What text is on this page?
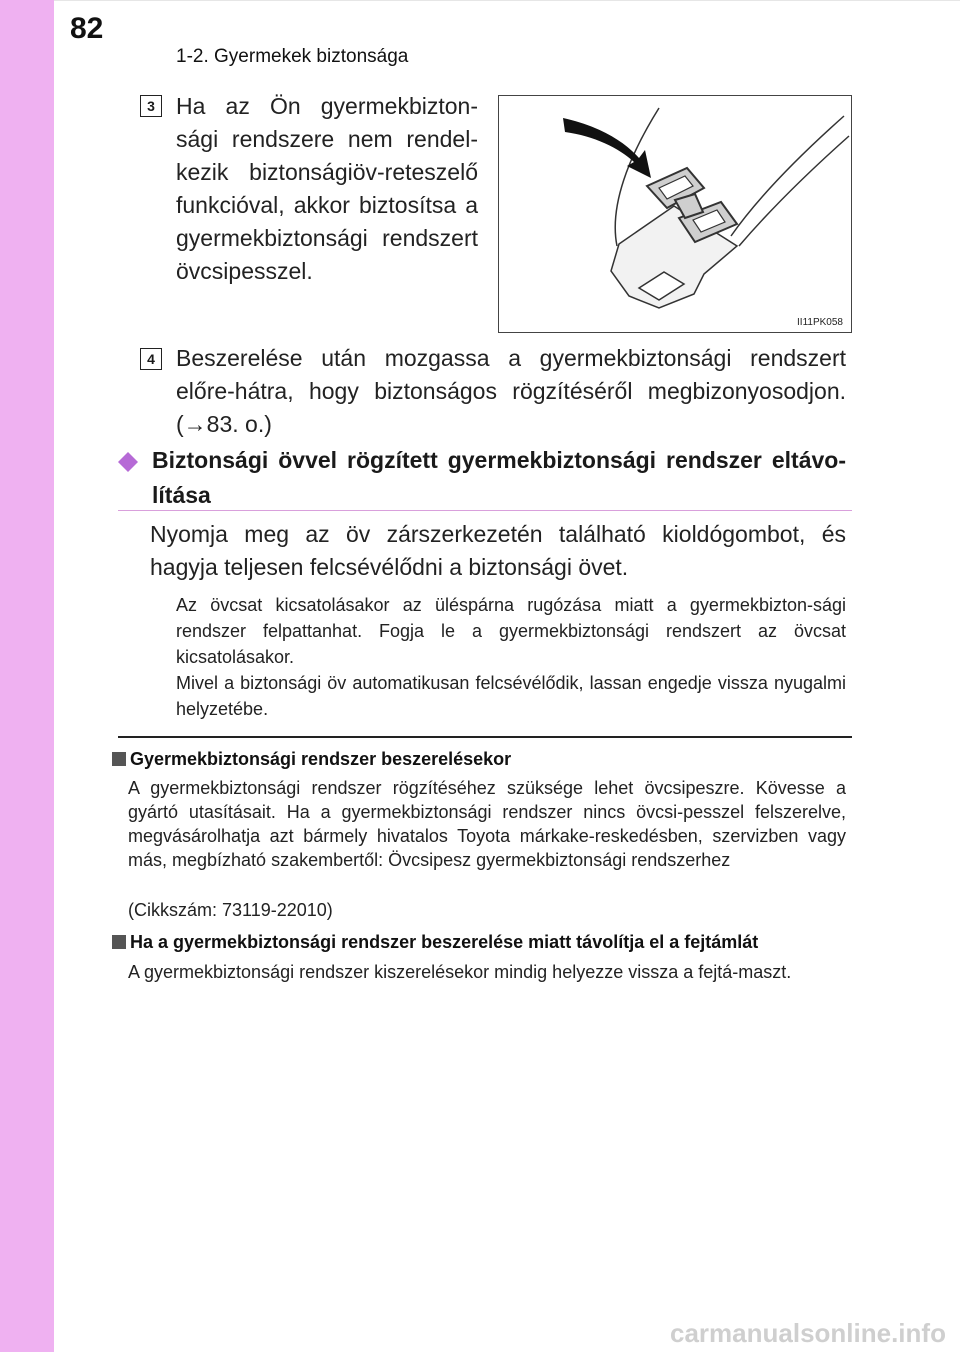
82
1-2. Gyermekek biztonsága
3 Ha az Ön gyermekbizton-sági rendszere nem rendel-kezik biztonságiöv-reteszelő funkcióval, akkor biztosítsa a gyermekbiztonsági rendszert övcsipesszel.
II11PK058
4 Beszerelése után mozgassa a gyermekbiztonsági rendszert előre-hátra, hogy biztonságos rögzítéséről megbizonyosodjon. (→83. o.)
Biztonsági övvel rögzített gyermekbiztonsági rendszer eltávo-lítása
Nyomja meg az öv zárszerkezetén található kioldógombot, és hagyja teljesen felcsévélődni a biztonsági övet.
Az övcsat kicsatolásakor az üléspárna rugózása miatt a gyermekbizton-sági rendszer felpattanhat. Fogja le a gyermekbiztonsági rendszert az övcsat kicsatolásakor.
Mivel a biztonsági öv automatikusan felcsévélődik, lassan engedje vissza nyugalmi helyzetébe.
Gyermekbiztonsági rendszer beszerelésekor
A gyermekbiztonsági rendszer rögzítéséhez szüksége lehet övcsipeszre. Kövesse a gyártó utasításait. Ha a gyermekbiztonsági rendszer nincs övcsi-pesszel felszerelve, megvásárolhatja azt bármely hivatalos Toyota márkake-reskedésben, szervizben vagy más, megbízható szakembertől: Övcsipesz gyermekbiztonsági rendszerhez
(Cikkszám: 73119-22010)
Ha a gyermekbiztonsági rendszer beszerelése miatt távolítja el a fejtámlát
A gyermekbiztonsági rendszer kiszerelésekor mindig helyezze vissza a fejtá-maszt.
carmanualsonline.info
